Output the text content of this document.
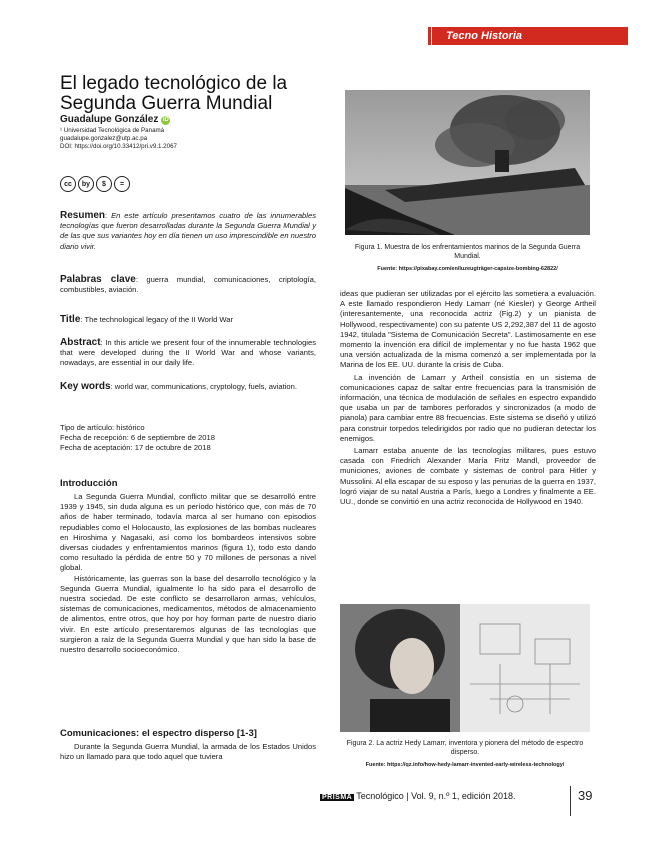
Tecno Historia
El legado tecnológico de la
Segunda Guerra Mundial
Guadalupe González iD
¹ Universidad Tecnológica de Panamá
guadalupe.gonzalez@utp.ac.pa
DOI: https://doi.org/10.33412/pri.v9.1.2067
cc	by	$	=
Resumen: En este artículo presentamos cuatro de las innumerables tecnologías que fueron desarrolladas durante la Segunda Guerra Mundial y de las que sus variantes hoy en día tienen un uso imprescindible en nuestro diario vivir.
Palabras clave: guerra mundial, comunicaciones, criptología, combustibles, aviación.
Title: The technological legacy of the II World War
Abstract: In this article we present four of the innumerable technologies that were developed during the II World War and whose variants, nowadays, are essential in our daily life.
Key words: world war, communications, cryptology, fuels, aviation.
Tipo de artículo: histórico
Fecha de recepción: 6 de septiembre de 2018
Fecha de aceptación: 17 de octubre de 2018
Introducción

La Segunda Guerra Mundial, conflicto militar que se desarrolló entre 1939 y 1945, sin duda alguna es un período histórico que, con más de 70 años de haber terminado, todavía marca al ser humano con episodios repudiables como el Holocausto, las explosiones de las bombas nucleares en Hiroshima y Nagasaki, así como los bombardeos intensivos sobre diversas ciudades y enfrentamientos marinos (figura 1), todo esto dando como resultado la pérdida de entre 50 y 70 millones de personas a nivel global.

Históricamente, las guerras son la base del desarrollo tecnológico y la Segunda Guerra Mundial, igualmente lo ha sido para el desarrollo de nuestra sociedad. De este conflicto se desarrollaron armas, vehículos, sistemas de comunicaciones, medicamentos, métodos de almacenamiento de alimentos, entre otros, que hoy por hoy forman parte de nuestro diario vivir. En este artículo presentaremos algunas de las tecnologías que surgieron a raíz de la Segunda Guerra Mundial y que han sido la base de nuestro desarrollo socioeconómico.

Comunicaciones: el espectro disperso [1-3]

Durante la Segunda Guerra Mundial, la armada de los Estados Unidos hizo un llamado para que todo aquel que tuviera

Figura 1. Muestra de los enfrentamientos marinos de la Segunda Guerra Mundial.
Fuente: https://pixabay.com/en/luzeugträger-capsize-bombing-62822/

ideas que pudieran ser utilizadas por el ejército las sometiera a evaluación. A este llamado respondieron Hedy Lamarr (né Kiesler) y George Artheil (interesantemente, una reconocida actriz (Fig.2) y un pianista de Hollywood, respectivamente) con su patente US 2,292,387 del 11 de agosto 1942, titulada "Sistema de Comunicación Secreta". Lastimosamente en ese momento la invención era difícil de implementar y no fue hasta 1962 que una versión actualizada de la misma comenzó a ser implementada por la Marina de los EE. UU. durante la crisis de Cuba.

La invención de Lamarr y Artheil consistía en un sistema de comunicaciones capaz de saltar entre frecuencias para la transmisión de información, una técnica de modulación de señales en espectro expandido que usaba un par de tambores perforados y sincronizados (a modo de pianola) para cambiar entre 88 frecuencias. Este sistema se diseñó y utilizó para construir torpedos teledirigidos por radio que no pudieran detectar los enemigos.

Lamarr estaba anuente de las tecnologías militares, pues estuvo casada con Friedrich Alexander María Fritz Mandl, proveedor de municiones, aviones de combate y sistemas de control para Hitler y Mussolini. Al ella escapar de su esposo y las penurias de la guerra en 1937, logró viajar de su natal Austria a París, luego a Londres y finalmente a EE. UU., donde se convirtió en una actriz reconocida de Hollywood en 1940.

Figura 2. La actriz Hedy Lamarr, inventora y pionera del método de espectro disperso.
Fuente: https://qz.info/how-hedy-lamarr-invented-early-wireless-technology/
PRISMA Tecnológico | Vol. 9, n.º 1, edición 2018.	39
